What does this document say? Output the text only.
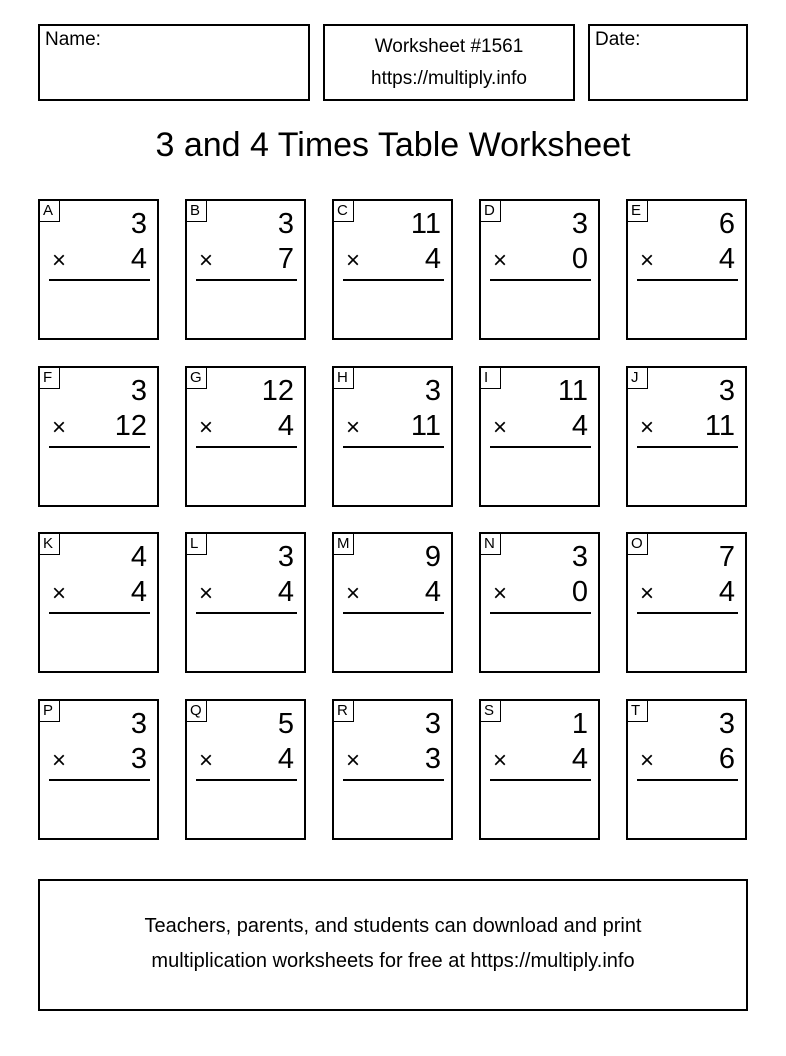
Name:	Worksheet #1561
https://multiply.info
Date:
3 and 4 Times Table Worksheet
A	3
× 4
B	3
× 7
C 11
× 4
D	3
× 0
E	6
× 4
F	3
× 12
G 12
× 4
H	3
× 11
I	11
× 4
J	3
× 11
K	4
× 4
L	3
× 4
M	9
× 4
N	3
× 0
O	7
× 4
P	3
× 3
Q	5
× 4
R	3
× 3
S	1
× 4
T	3
× 6
Teachers, parents, and students can download and print
multiplication worksheets for free at https://multiply.info
